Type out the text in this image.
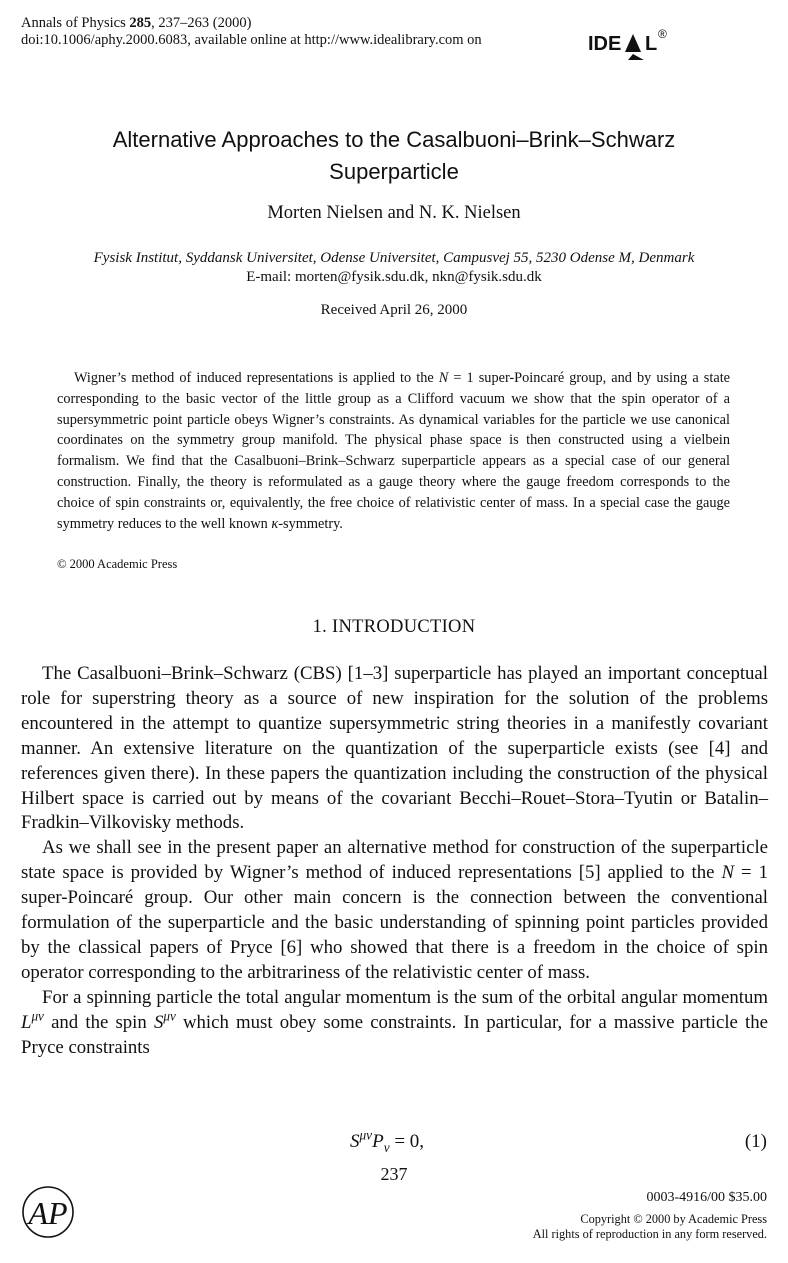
Annals of Physics 285, 237–263 (2000)
doi:10.1006/aphy.2000.6083, available online at http://www.idealibrary.com on	IDE L ®
Alternative Approaches to the Casalbuoni–Brink–Schwarz
Superparticle
Morten Nielsen and N. K. Nielsen
Fysisk Institut, Syddansk Universitet, Odense Universitet, Campusvej 55, 5230 Odense M, Denmark
E-mail: morten@fysik.sdu.dk, nkn@fysik.sdu.dk
Received April 26, 2000

Wigner’s method of induced representations is applied to the N = 1 super-Poincaré group, and by using a state corresponding to the basic vector of the little group as a Clifford vacuum we show that the spin operator of a supersymmetric point particle obeys Wigner’s constraints. As dynamical variables for the particle we use canonical coordinates on the symmetry group manifold. The physical phase space is then constructed using a vielbein formalism. We find that the Casalbuoni–Brink–Schwarz superparticle appears as a special case of our general construction. Finally, the theory is reformulated as a gauge theory where the gauge freedom corresponds to the choice of spin constraints or, equivalently, the free choice of relativistic center of mass. In a special case the gauge symmetry reduces to the well known κ-symmetry.

© 2000 Academic Press
1. INTRODUCTION

The Casalbuoni–Brink–Schwarz (CBS) [1–3] superparticle has played an important conceptual role for superstring theory as a source of new inspiration for the solution of the problems encountered in the attempt to quantize supersymmetric string theories in a manifestly covariant manner. An extensive literature on the quantization of the superparticle exists (see [4] and references given there). In these papers the quantization including the construction of the physical Hilbert space is carried out by means of the covariant Becchi–Rouet–Stora–Tyutin or Batalin–Fradkin–Vilkovisky methods.

As we shall see in the present paper an alternative method for construction of the superparticle state space is provided by Wigner’s method of induced representations [5] applied to the N = 1 super-Poincaré group. Our other main concern is the connection between the conventional formulation of the superparticle and the basic understanding of spinning point particles provided by the classical papers of Pryce [6] who showed that there is a freedom in the choice of spin operator corresponding to the arbitrariness of the relativistic center of mass.

For a spinning particle the total angular momentum is the sum of the orbital angular momentum $L^{\mu\nu}$ and the spin $S^{\mu\nu}$ which must obey some constraints. In particular, for a massive particle the Pryce constraints

$S^{\mu\nu}P_\nu = 0$,	(1)
237
AP	0003-4916/00 $35.00
Copyright © 2000 by Academic Press
All rights of reproduction in any form reserved.
